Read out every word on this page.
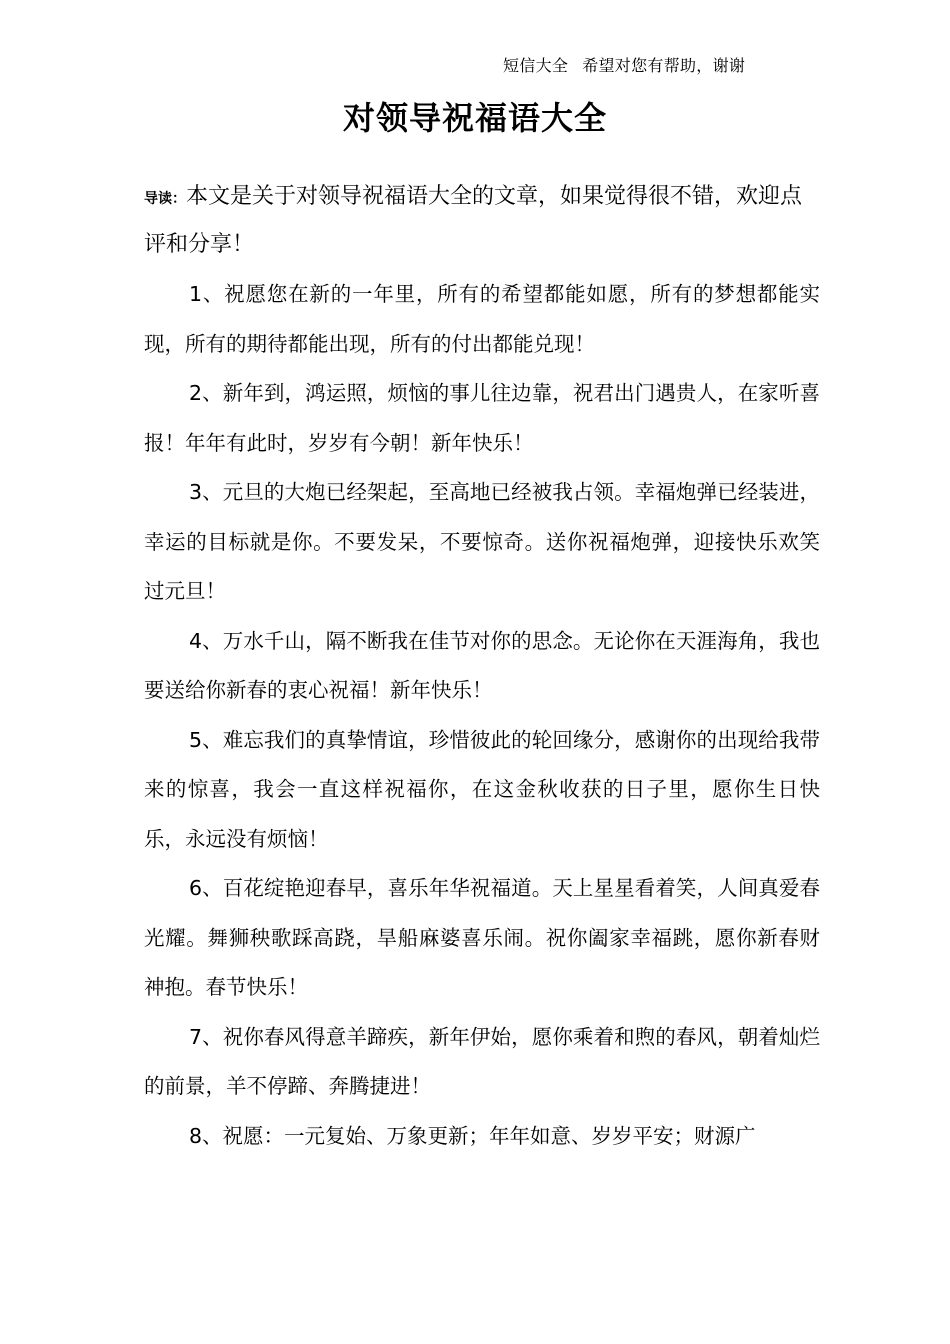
短信大全 希望对您有帮助，谢谢
对领导祝福语大全

导读：本文是关于对领导祝福语大全的文章，如果觉得很不错，欢迎点评和分享！

1、祝愿您在新的一年里，所有的希望都能如愿，所有的梦想都能实现，所有的期待都能出现，所有的付出都能兑现！

2、新年到，鸿运照，烦恼的事儿往边靠，祝君出门遇贵人，在家听喜报！年年有此时，岁岁有今朝！新年快乐！

3、元旦的大炮已经架起，至高地已经被我占领。幸福炮弹已经装进，幸运的目标就是你。不要发呆，不要惊奇。送你祝福炮弹，迎接快乐欢笑过元旦！

4、万水千山，隔不断我在佳节对你的思念。无论你在天涯海角，我也要送给你新春的衷心祝福！新年快乐！

5、难忘我们的真挚情谊，珍惜彼此的轮回缘分，感谢你的出现给我带来的惊喜，我会一直这样祝福你，在这金秋收获的日子里，愿你生日快乐，永远没有烦恼！

6、百花绽艳迎春早，喜乐年华祝福道。天上星星看着笑，人间真爱春光耀。舞狮秧歌踩高跷，旱船麻婆喜乐闹。祝你阖家幸福跳，愿你新春财神抱。春节快乐！

7、祝你春风得意羊蹄疾，新年伊始，愿你乘着和煦的春风，朝着灿烂的前景，羊不停蹄、奔腾捷进！

8、祝愿：一元复始、万象更新；年年如意、岁岁平安；财源广
